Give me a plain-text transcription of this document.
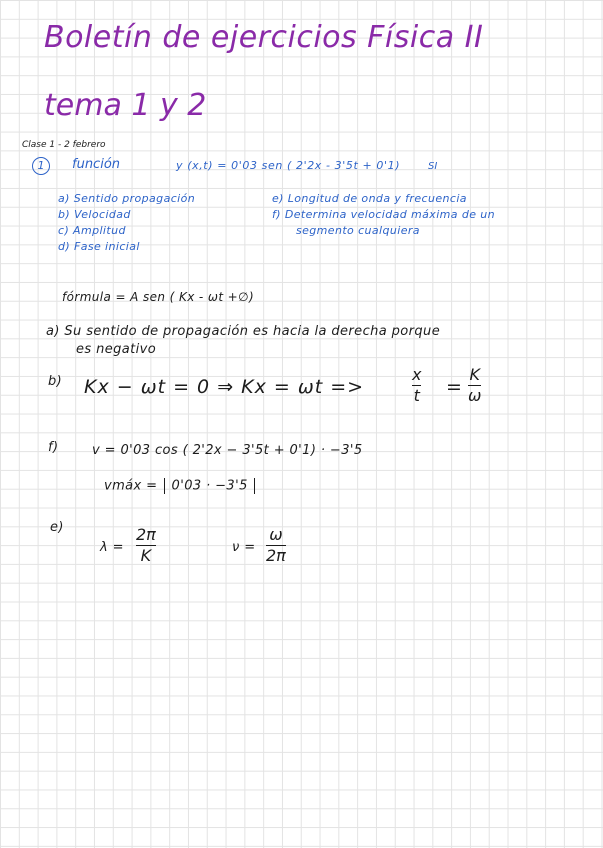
Boletín de ejercicios Física II
tema 1 y 2
Clase 1 - 2 febrero
1	función	y (x,t) = 0'03 sen ( 2'2x - 3'5t + 0'1)	SI
a) Sentido propagación
b) Velocidad
c) Amplitud
d) Fase inicial
e) Longitud de onda y frecuencia
f) Determina velocidad máxima de un
segmento cualquiera
fórmula = A sen ( Kx - ωt +∅)
a) Su sentido de propagación es hacia la derecha porque
es negativo
b) Kx − ωt = 0 ⇒ Kx = ωt =>
x
t =
K
ω
f)	v = 0'03 cos ( 2'2x − 3'5t + 0'1) · −3'5
vmáx = 0'03 · −3'5
e)
λ =
2π
K	ν =
ω
2π
